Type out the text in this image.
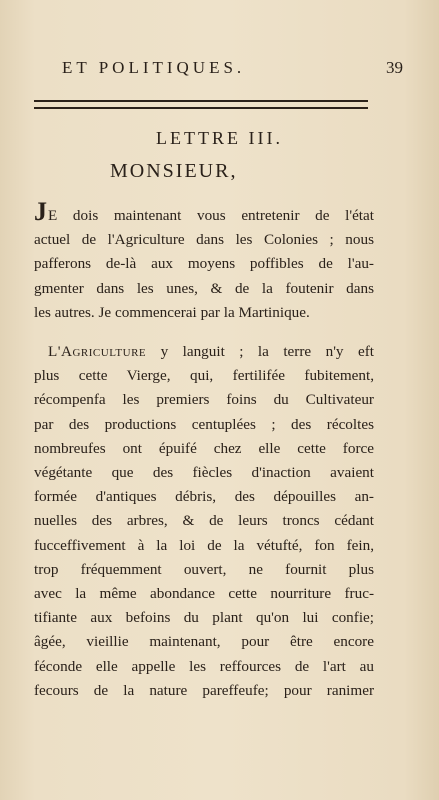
ET POLITIQUES.	39
LETTRE III.
MONSIEUR,
JE dois maintenant vous entretenir de l'état
actuel de l'Agriculture dans les Colonies ; nous
pafferons de-là aux moyens poffibles de l'au-
gmenter dans les unes, & de la foutenir dans
les autres. Je commencerai par la Martinique.
L'Agriculture y languit ; la terre n'y eft
plus cette Vierge, qui, fertilifée fubitement,
récompenfa les premiers foins du Cultivateur
par des productions centuplées ; des récoltes
nombreufes ont épuifé chez elle cette force
végétante que des fiècles d'inaction avaient
formée d'antiques débris, des dépouilles an-
nuelles des arbres, & de leurs troncs cédant
fucceffivement à la loi de la vétufté, fon fein,
trop fréquemment ouvert, ne fournit plus
avec la même abondance cette nourriture fruc-
tifiante aux befoins du plant qu'on lui confie;
âgée, vieillie maintenant, pour être encore
féconde elle appelle les reffources de l'art au
fecours de la nature pareffeufe; pour ranimer
